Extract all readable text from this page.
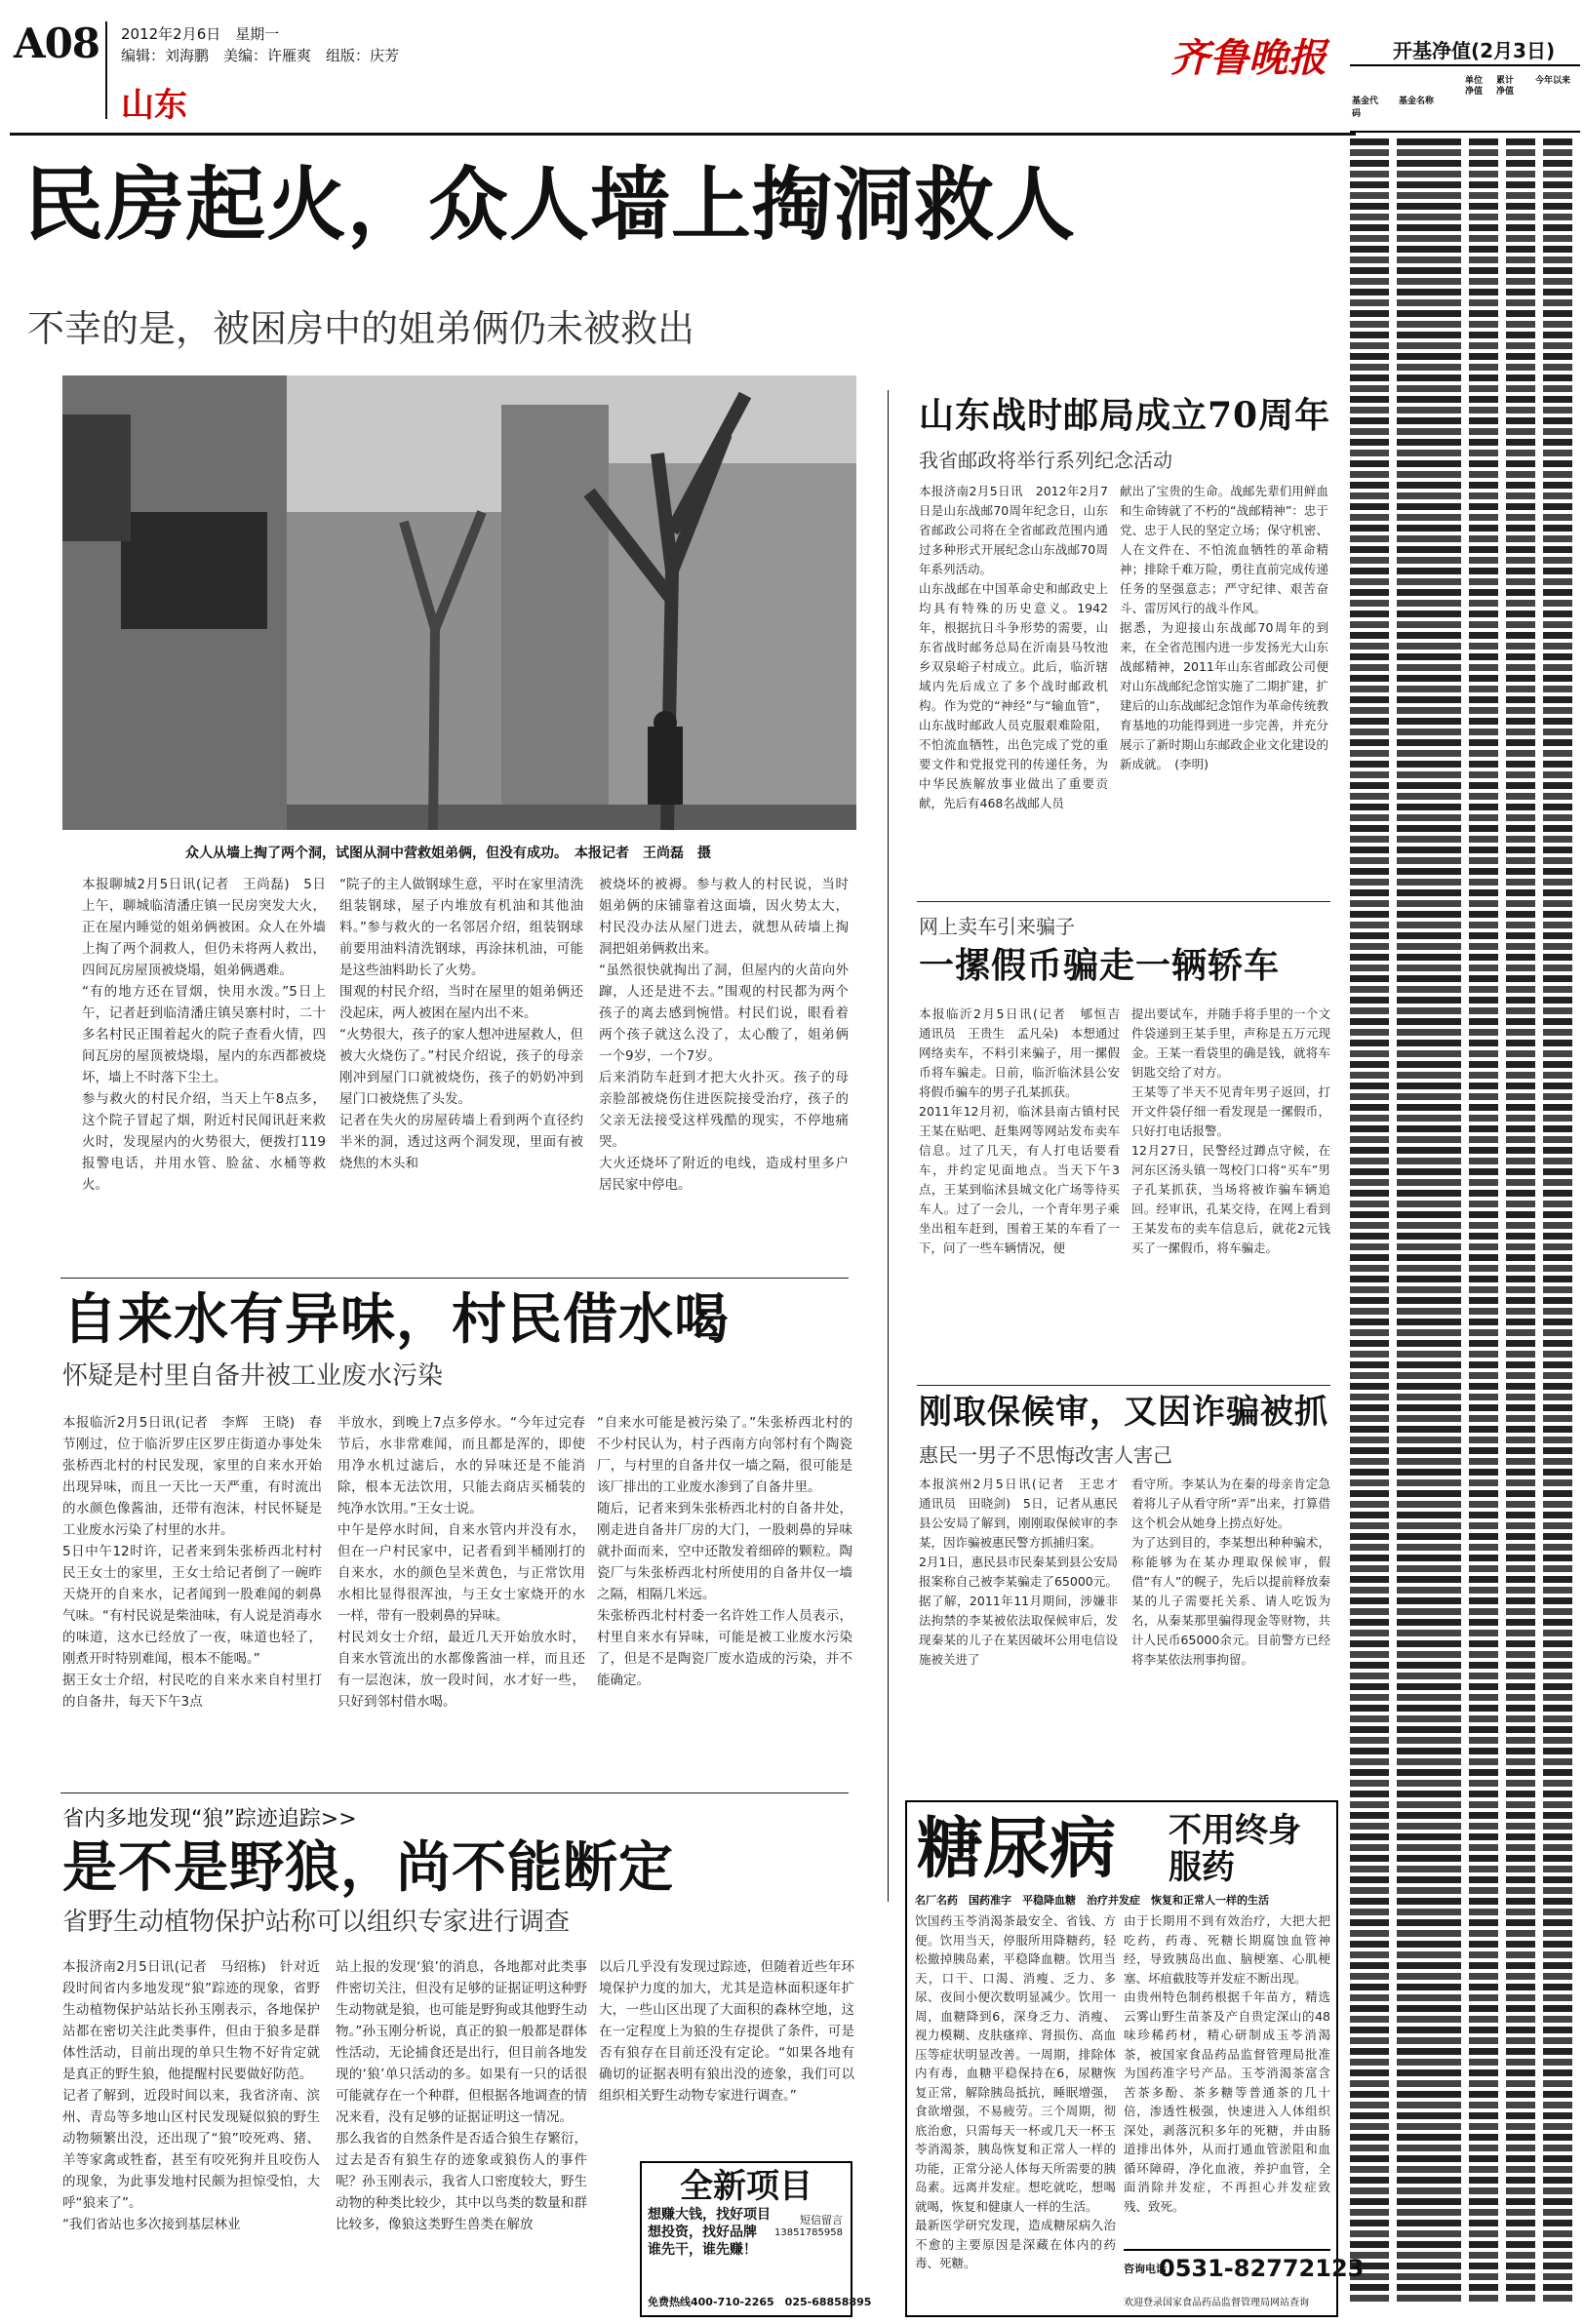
A08 2012年2月6日　星期一
编辑：刘海鹏　美编：许雁爽　组版：庆芳
山东
齐鲁晚报	开基净值(2月3日)
基金代码
基金名称
单位净值
累计净值
今年以来
民房起火，众人墙上掏洞救人
不幸的是，被困房中的姐弟俩仍未被救出
众人从墙上掏了两个洞，试图从洞中营救姐弟俩，但没有成功。　本报记者　王尚磊　摄
本报聊城2月5日讯(记者　王尚磊)　5日上午，聊城临清潘庄镇一民房突发大火，正在屋内睡觉的姐弟俩被困。众人在外墙上掏了两个洞救人，但仍未将两人救出，四间瓦房屋顶被烧塌，姐弟俩遇难。
“有的地方还在冒烟，快用水泼。”5日上午，记者赶到临清潘庄镇吴寨村时，二十多名村民正围着起火的院子查看火情，四间瓦房的屋顶被烧塌，屋内的东西都被烧坏，墙上不时落下尘土。
参与救火的村民介绍，当天上午8点多，这个院子冒起了烟，附近村民闻讯赶来救火时，发现屋内的火势很大，便拨打119报警电话，并用水管、脸盆、水桶等救火。
“院子的主人做钢球生意，平时在家里清洗组装钢球，屋子内堆放有机油和其他油料。”参与救火的一名邻居介绍，组装钢球前要用油料清洗钢球，再涂抹机油，可能是这些油料助长了火势。
围观的村民介绍，当时在屋里的姐弟俩还没起床，两人被困在屋内出不来。
“火势很大，孩子的家人想冲进屋救人，但被大火烧伤了。”村民介绍说，孩子的母亲刚冲到屋门口就被烧伤，孩子的奶奶冲到屋门口被烧焦了头发。
记者在失火的房屋砖墙上看到两个直径约半米的洞，透过这两个洞发现，里面有被烧焦的木头和
被烧坏的被褥。参与救人的村民说，当时姐弟俩的床铺靠着这面墙，因火势太大，村民没办法从屋门进去，就想从砖墙上掏洞把姐弟俩救出来。
“虽然很快就掏出了洞，但屋内的火苗向外蹿，人还是进不去。”围观的村民都为两个孩子的离去感到惋惜。村民们说，眼看着两个孩子就这么没了，太心酸了，姐弟俩一个9岁，一个7岁。
后来消防车赶到才把大火扑灭。孩子的母亲脸部被烧伤住进医院接受治疗，孩子的父亲无法接受这样残酷的现实，不停地痛哭。
大火还烧坏了附近的电线，造成村里多户居民家中停电。
自来水有异味，村民借水喝
怀疑是村里自备井被工业废水污染
本报临沂2月5日讯(记者　李辉　王晓)　春节刚过，位于临沂罗庄区罗庄街道办事处朱张桥西北村的村民发现，家里的自来水开始出现异味，而且一天比一天严重，有时流出的水颜色像酱油，还带有泡沫，村民怀疑是工业废水污染了村里的水井。
5日中午12时许，记者来到朱张桥西北村村民王女士的家里，王女士给记者倒了一碗昨天烧开的自来水，记者闻到一股难闻的刺鼻气味。“有村民说是柴油味，有人说是消毒水的味道，这水已经放了一夜，味道也轻了，刚煮开时特别难闻，根本不能喝。”
据王女士介绍，村民吃的自来水来自村里打的自备井，每天下午3点
半放水，到晚上7点多停水。“今年过完春节后，水非常难闻，而且都是浑的，即使用净水机过滤后，水的异味还是不能消除，根本无法饮用，只能去商店买桶装的纯净水饮用。”王女士说。
中午是停水时间，自来水管内并没有水，但在一户村民家中，记者看到半桶刚打的自来水，水的颜色呈米黄色，与正常饮用水相比显得很浑浊，与王女士家烧开的水一样，带有一股刺鼻的异味。
村民刘女士介绍，最近几天开始放水时，自来水管流出的水都像酱油一样，而且还有一层泡沫，放一段时间，水才好一些，只好到邻村借水喝。
“自来水可能是被污染了。”朱张桥西北村的不少村民认为，村子西南方向邻村有个陶瓷厂，与村里的自备井仅一墙之隔，很可能是该厂排出的工业废水渗到了自备井里。
随后，记者来到朱张桥西北村的自备井处，刚走进自备井厂房的大门，一股刺鼻的异味就扑面而来，空中还散发着细碎的颗粒。陶瓷厂与朱张桥西北村所使用的自备井仅一墙之隔，相隔几米远。
朱张桥西北村村委一名许姓工作人员表示，村里自来水有异味，可能是被工业废水污染了，但是不是陶瓷厂废水造成的污染，并不能确定。
省内多地发现“狼”踪迹追踪>>
是不是野狼，尚不能断定
省野生动植物保护站称可以组织专家进行调查
本报济南2月5日讯(记者　马绍栋)　针对近段时间省内多地发现“狼”踪迹的现象，省野生动植物保护站站长孙玉刚表示，各地保护站都在密切关注此类事件，但由于狼多是群体性活动，目前出现的单只生物不好肯定就是真正的野生狼，他提醒村民要做好防范。
记者了解到，近段时间以来，我省济南、滨州、青岛等多地山区村民发现疑似狼的野生动物频繁出没，还出现了“狼”咬死鸡、猪、羊等家禽或牲畜，甚至有咬死狗并且咬伤人的现象，为此事发地村民颇为担惊受怕，大呼“狼来了”。
“我们省站也多次接到基层林业
站上报的发现‘狼’的消息，各地都对此类事件密切关注，但没有足够的证据证明这种野生动物就是狼，也可能是野狗或其他野生动物。”孙玉刚分析说，真正的狼一般都是群体性活动，无论捕食还是出行，但目前各地发现的‘狼’单只活动的多。如果有一只的话很可能就存在一个种群，但根据各地调查的情况来看，没有足够的证据证明这一情况。
那么我省的自然条件是否适合狼生存繁衍，过去是否有狼生存的迹象或狼伤人的事件呢？孙玉刚表示，我省人口密度较大，野生动物的种类比较少，其中以鸟类的数量和群比较多，像狼这类野生兽类在解放
以后几乎没有发现过踪迹，但随着近些年环境保护力度的加大，尤其是造林面积逐年扩大，一些山区出现了大面积的森林空地，这在一定程度上为狼的生存提供了条件，可是否有狼存在目前还没有定论。“如果各地有确切的证据表明有狼出没的迹象，我们可以组织相关野生动物专家进行调查。”
全新项目
想赚大钱，找好项目
想投资，找好品牌
谁先干，谁先赚！
短信留言
13851785958
免费热线400-710-2265　025-68858895
山东战时邮局成立70周年
我省邮政将举行系列纪念活动
本报济南2月5日讯　2012年2月7日是山东战邮70周年纪念日，山东省邮政公司将在全省邮政范围内通过多种形式开展纪念山东战邮70周年系列活动。
山东战邮在中国革命史和邮政史上均具有特殊的历史意义。1942年，根据抗日斗争形势的需要，山东省战时邮务总局在沂南县马牧池乡双泉峪子村成立。此后，临沂辖域内先后成立了多个战时邮政机构。作为党的“神经”与“输血管”，山东战时邮政人员克服艰难险阻，不怕流血牺牲，出色完成了党的重要文件和党报党刊的传递任务，为中华民族解放事业做出了重要贡献，先后有468名战邮人员
献出了宝贵的生命。战邮先辈们用鲜血和生命铸就了不朽的“战邮精神”：忠于党、忠于人民的坚定立场；保守机密、人在文件在、不怕流血牺牲的革命精神；排除千难万险，勇往直前完成传递任务的坚强意志；严守纪律、艰苦奋斗、雷厉风行的战斗作风。
据悉，为迎接山东战邮70周年的到来，在全省范围内进一步发扬光大山东战邮精神，2011年山东省邮政公司便对山东战邮纪念馆实施了二期扩建，扩建后的山东战邮纪念馆作为革命传统教育基地的功能得到进一步完善，并充分展示了新时期山东邮政企业文化建设的新成就。　(李明)
网上卖车引来骗子
一摞假币骗走一辆轿车
本报临沂2月5日讯(记者　郇恒吉　通讯员　王贵生　孟凡朵)　本想通过网络卖车，不料引来骗子，用一摞假币将车骗走。日前，临沂临沭县公安将假币骗车的男子孔某抓获。
2011年12月初，临沭县南古镇村民王某在贴吧、赶集网等网站发布卖车信息。过了几天，有人打电话要看车，并约定见面地点。当天下午3点，王某到临沭县城文化广场等待买车人。过了一会儿，一个青年男子乘坐出租车赶到，围着王某的车看了一下，问了一些车辆情况，便
提出要试车，并随手将手里的一个文件袋递到王某手里，声称是五万元现金。王某一看袋里的确是钱，就将车钥匙交给了对方。
王某等了半天不见青年男子返回，打开文件袋仔细一看发现是一摞假币，只好打电话报警。
12月27日，民警经过蹲点守候，在河东区汤头镇一驾校门口将“买车”男子孔某抓获，当场将被诈骗车辆追回。经审讯，孔某交待，在网上看到王某发布的卖车信息后，就花2元钱买了一摞假币，将车骗走。
刚取保候审，又因诈骗被抓
惠民一男子不思悔改害人害己
本报滨州2月5日讯(记者　王忠才　通讯员　田晓剑)　5日，记者从惠民县公安局了解到，刚刚取保候审的李某，因诈骗被惠民警方抓捕归案。
2月1日，惠民县市民秦某到县公安局报案称自己被李某骗走了65000元。据了解，2011年11月期间，涉嫌非法拘禁的李某被依法取保候审后，发现秦某的儿子在某因破坏公用电信设施被关进了
看守所。李某认为在秦的母亲肯定急着将儿子从看守所“弄”出来，打算借这个机会从她身上捞点好处。
为了达到目的，李某想出种种骗术，称能够为在某办理取保候审，假借“有人”的幌子，先后以提前释放秦某的儿子需要托关系、请人吃饭为名，从秦某那里骗得现金等财物，共计人民币65000余元。目前警方已经将李某依法刑事拘留。
糖尿病 不用终身服药
名厂名药　国药准字　平稳降血糖　治疗并发症　恢复和正常人一样的生活
饮国药玉苓消渴茶最安全、省钱、方便。饮用当天，停服所用降糖药，轻松撤掉胰岛素，平稳降血糖。饮用当天，口干、口渴、消瘦、乏力、多尿、夜间小便次数明显减少。饮用一周，血糖降到6，深身乏力、消瘦、视力模糊、皮肤瘙痒、肾损伤、高血压等症状明显改善。一周期，排除体内有毒，血糖平稳保持在6，尿糖恢复正常，解除胰岛抵抗，睡眠增强，食欲增强，不易疲劳。三个周期，彻底治愈，只需每天一杯或几天一杯玉苓消渴茶，胰岛恢复和正常人一样的功能，正常分泌人体每天所需要的胰岛素。远离并发症。想吃就吃，想喝就喝，恢复和健康人一样的生活。
最新医学研究发现，造成糖尿病久治不愈的主要原因是深藏在体内的药毒、死糖。
由于长期用不到有效治疗，大把大把吃药，药毒、死糖长期腐蚀血管神经，导致胰岛出血、脑梗塞、心肌梗塞、坏疽截肢等并发症不断出现。
由贵州特色制药根据千年苗方，精选云雾山野生苗茶及产自贵定深山的48味珍稀药材，精心研制成玉苓消渴茶，被国家食品药品监督管理局批准为国药准字号产品。玉苓消渴茶富含苦茶多酚、茶多糖等普通茶的几十倍，渗透性极强，快速进入人体组织深处，剥落沉积多年的死糖，并由肠道排出体外，从而打通血管淤阻和血循环障碍，净化血液，养护血管，全面消除并发症，不再担心并发症致残、致死。
咨询电话
0531-82772123
欢迎登录国家食品药品监督管理局网站查询
